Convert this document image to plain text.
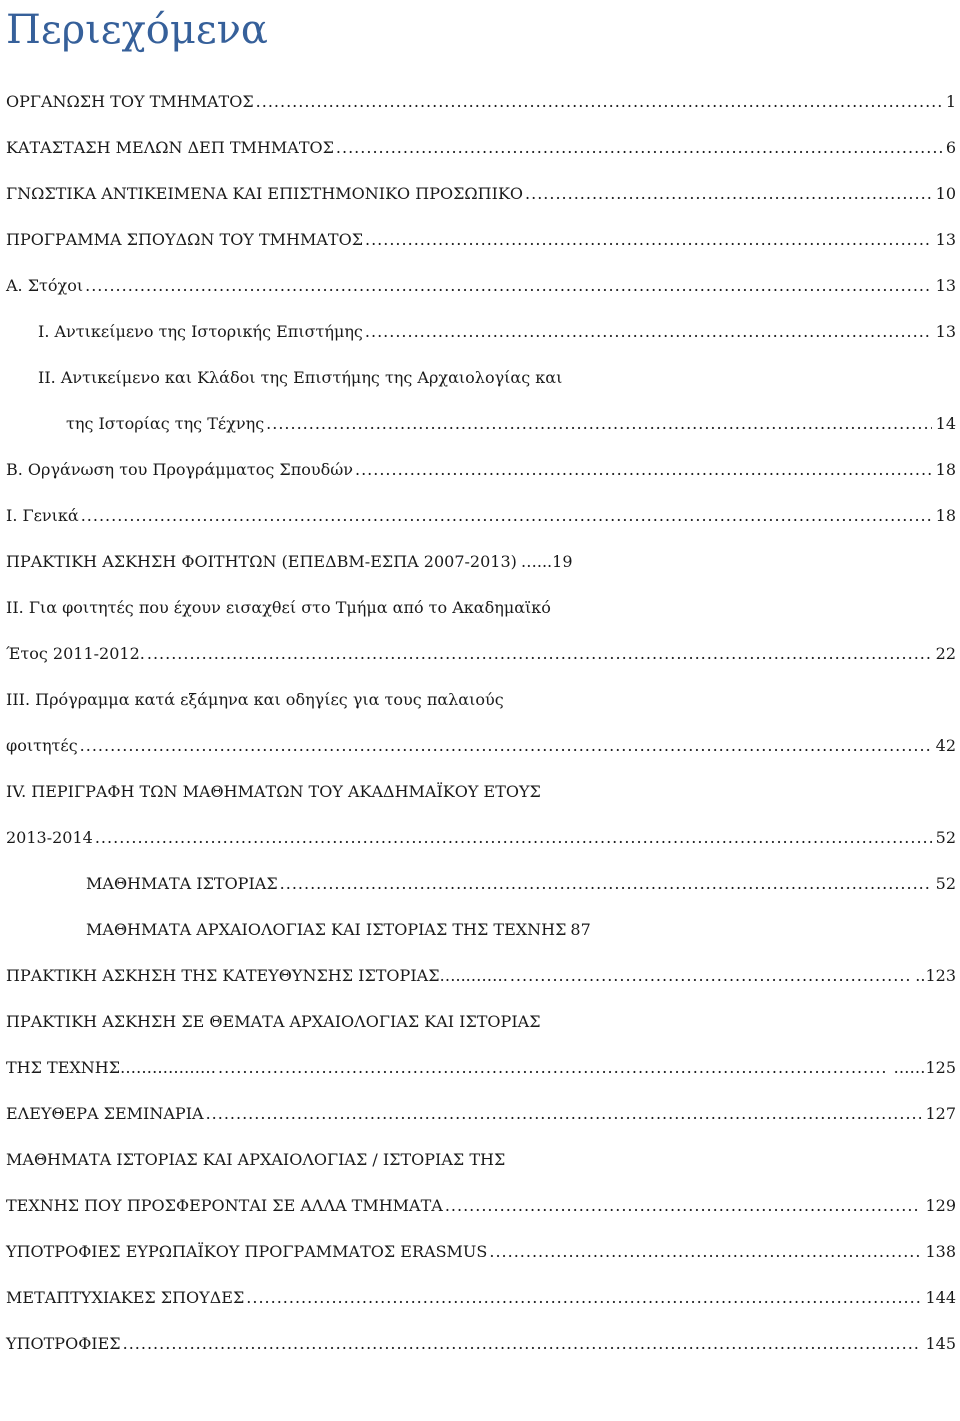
Περιεχόμενα
ΟΡΓΑΝΩΣΗ ΤΟΥ ΤΜΗΜΑΤΟΣ .....	1
ΚΑΤΑΣΤΑΣΗ ΜΕΛΩΝ ΔΕΠ ΤΜΗΜΑΤΟΣ .....	6
ΓΝΩΣΤΙΚΑ ΑΝΤΙΚΕΙΜΕΝΑ ΚΑΙ ΕΠΙΣΤΗΜΟΝΙΚΟ ΠΡΟΣΩΠΙΚΟ .....	10
ΠΡΟΓΡΑΜΜΑ ΣΠΟΥΔΩΝ ΤΟΥ ΤΜΗΜΑΤΟΣ .....	13
Α. Στόχοι .....	13
Ι. Αντικείμενο της Ιστορικής Επιστήμης .....	13
ΙΙ. Αντικείμενο και Κλάδοι της Επιστήμης της Αρχαιολογίας και
της Ιστορίας της Τέχνης .....	14
Β. Οργάνωση του Προγράμματος Σπουδών .....	18
Ι. Γενικά .....	18
ΠΡΑΚΤΙΚΗ ΑΣΚΗΣΗ ΦΟΙΤΗΤΩΝ (ΕΠΕΔΒΜ-ΕΣΠΑ 2007-2013) …...19
ΙΙ. Για φοιτητές που έχουν εισαχθεί στο Τμήμα από το Ακαδημαϊκό
Έτος 2011-2012. .....	22
ΙΙΙ. Πρόγραμμα κατά εξάμηνα και οδηγίες για τους παλαιούς
φοιτητές .....	42
IV. ΠΕΡΙΓΡΑΦΗ ΤΩΝ ΜΑΘΗΜΑΤΩΝ ΤΟΥ ΑΚΑΔΗΜΑΪΚΟΥ ΕΤΟΥΣ
2013-2014 .....	52
ΜΑΘΗΜΑΤΑ ΙΣΤΟΡΙΑΣ .....	52
ΜΑΘΗΜΑΤΑ ΑΡΧΑΙΟΛΟΓΙΑΣ ΚΑΙ ΙΣΤΟΡΙΑΣ ΤΗΣ ΤΕΧΝΗΣ 87
ΠΡΑΚΤΙΚΗ ΑΣΚΗΣΗ ΤΗΣ ΚΑΤΕΥΘΥΝΣΗΣ ΙΣΤΟΡΙΑΣ…...……. .....	..123
ΠΡΑΚΤΙΚΗ ΑΣΚΗΣΗ ΣΕ ΘΕΜΑΤΑ ΑΡΧΑΙΟΛΟΓΙΑΣ ΚΑΙ ΙΣΤΟΡΙΑΣ
ΤΗΣ ΤΕΧΝΗΣ……………… .....	……125
ΕΛΕΥΘΕΡΑ ΣΕΜΙΝΑΡΙΑ .....	127
ΜΑΘΗΜΑΤΑ ΙΣΤΟΡΙΑΣ ΚΑΙ ΑΡΧΑΙΟΛΟΓΙΑΣ / ΙΣΤΟΡΙΑΣ ΤΗΣ
ΤΕΧΝΗΣ ΠΟΥ ΠΡΟΣΦΕΡΟΝΤΑΙ ΣΕ ΑΛΛΑ ΤΜΗΜΑΤΑ .....	129
ΥΠΟΤΡΟΦΙΕΣ ΕΥΡΩΠΑΪΚΟΥ ΠΡΟΓΡΑΜΜΑΤΟΣ ERASMUS .....	138
ΜΕΤΑΠΤΥΧΙΑΚΕΣ ΣΠΟΥΔΕΣ .....	144
ΥΠΟΤΡΟΦΙΕΣ .....	145
